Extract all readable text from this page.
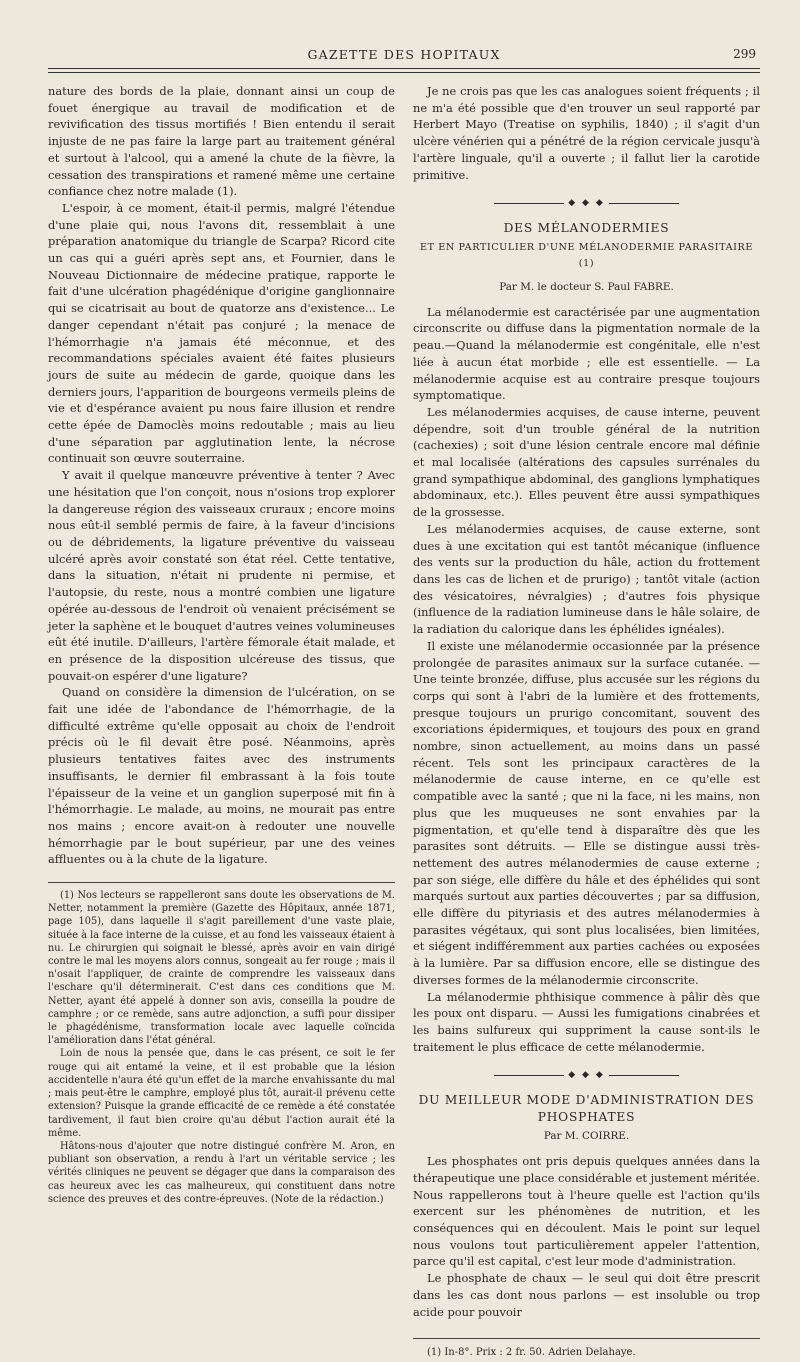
GAZETTE DES HOPITAUX	299

nature des bords de la plaie, donnant ainsi un coup de fouet énergique au travail de modification et de revivification des tissus mortifiés ! Bien entendu il serait injuste de ne pas faire la large part au traitement général et surtout à l'alcool, qui a amené la chute de la fièvre, la cessation des transpirations et ramené même une certaine confiance chez notre malade (1).

L'espoir, à ce moment, était-il permis, malgré l'étendue d'une plaie qui, nous l'avons dit, ressemblait à une préparation anatomique du triangle de Scarpa? Ricord cite un cas qui a guéri après sept ans, et Fournier, dans le Nouveau Dictionnaire de médecine pratique, rapporte le fait d'une ulcération phagédénique d'origine ganglionnaire qui se cicatrisait au bout de quatorze ans d'existence... Le danger cependant n'était pas conjuré ; la menace de l'hémorrhagie n'a jamais été méconnue, et des recommandations spéciales avaient été faites plusieurs jours de suite au médecin de garde, quoique dans les derniers jours, l'apparition de bourgeons vermeils pleins de vie et d'espérance avaient pu nous faire illusion et rendre cette épée de Damoclès moins redoutable ; mais au lieu d'une séparation par agglutination lente, la nécrose continuait son œuvre souterraine.

Y avait il quelque manœuvre préventive à tenter ? Avec une hésitation que l'on conçoit, nous n'osions trop explorer la dangereuse région des vaisseaux cruraux ; encore moins nous eût-il semblé permis de faire, à la faveur d'incisions ou de débridements, la ligature préventive du vaisseau ulcéré après avoir constaté son état réel. Cette tentative, dans la situation, n'était ni prudente ni permise, et l'autopsie, du reste, nous a montré combien une ligature opérée au-dessous de l'endroit où venaient précisément se jeter la saphène et le bouquet d'autres veines volumineuses eût été inutile. D'ailleurs, l'artère fémorale était malade, et en présence de la disposition ulcéreuse des tissus, que pouvait-on espérer d'une ligature?

Quand on considère la dimension de l'ulcération, on se fait une idée de l'abondance de l'hémorrhagie, de la difficulté extrême qu'elle opposait au choix de l'endroit précis où le fil devait être posé. Néanmoins, après plusieurs tentatives faites avec des instruments insuffisants, le dernier fil embrassant à la fois toute l'épaisseur de la veine et un ganglion superposé mit fin à l'hémorrhagie. Le malade, au moins, ne mourait pas entre nos mains ; encore avait-on à redouter une nouvelle hémorrhagie par le bout supérieur, par une des veines affluentes ou à la chute de la ligature.

(1) Nos lecteurs se rappelleront sans doute les observations de M. Netter, notamment la première (Gazette des Hôpitaux, année 1871, page 105), dans laquelle il s'agit pareillement d'une vaste plaie, située à la face interne de la cuisse, et au fond les vaisseaux étaient à nu. Le chirurgien qui soignait le blessé, après avoir en vain dirigé contre le mal les moyens alors connus, songeait au fer rouge ; mais il n'osait l'appliquer, de crainte de comprendre les vaisseaux dans l'eschare qu'il déterminerait. C'est dans ces conditions que M. Netter, ayant été appelé à donner son avis, conseilla la poudre de camphre ; or ce remède, sans autre adjonction, a suffi pour dissiper le phagédénisme, transformation locale avec laquelle coïncida l'amélioration dans l'état général.

Loin de nous la pensée que, dans le cas présent, ce soit le fer rouge qui ait entamé la veine, et il est probable que la lésion accidentelle n'aura été qu'un effet de la marche envahissante du mal ; mais peut-être le camphre, employé plus tôt, aurait-il prévenu cette extension? Puisque la grande efficacité de ce remède a été constatée tardivement, il faut bien croire qu'au début l'action aurait été la même.

Hâtons-nous d'ajouter que notre distingué confrère M. Aron, en publiant son observation, a rendu à l'art un véritable service ; les vérités cliniques ne peuvent se dégager que dans la comparaison des cas heureux avec les cas malheureux, qui constituent dans notre science des preuves et des contre-épreuves. (Note de la rédaction.)

Je ne crois pas que les cas analogues soient fréquents ; il ne m'a été possible que d'en trouver un seul rapporté par Herbert Mayo (Treatise on syphilis, 1840) ; il s'agit d'un ulcère vénérien qui a pénétré de la région cervicale jusqu'à l'artère linguale, qu'il a ouverte ; il fallut lier la carotide primitive.

◆ ◆ ◆
DES MÉLANODERMIES
ET EN PARTICULIER D'UNE MÉLANODERMIE PARASITAIRE (1)
Par M. le docteur S. Paul FABRE.

La mélanodermie est caractérisée par une augmentation circonscrite ou diffuse dans la pigmentation normale de la peau.—Quand la mélanodermie est congénitale, elle n'est liée à aucun état morbide ; elle est essentielle. — La mélanodermie acquise est au contraire presque toujours symptomatique.

Les mélanodermies acquises, de cause interne, peuvent dépendre, soit d'un trouble général de la nutrition (cachexies) ; soit d'une lésion centrale encore mal définie et mal localisée (altérations des capsules surrénales du grand sympathique abdominal, des ganglions lymphatiques abdominaux, etc.). Elles peuvent être aussi sympathiques de la grossesse.

Les mélanodermies acquises, de cause externe, sont dues à une excitation qui est tantôt mécanique (influence des vents sur la production du hâle, action du frottement dans les cas de lichen et de prurigo) ; tantôt vitale (action des vésicatoires, névralgies) ; d'autres fois physique (influence de la radiation lumineuse dans le hâle solaire, de la radiation du calorique dans les éphélides ignéales).

Il existe une mélanodermie occasionnée par la présence prolongée de parasites animaux sur la surface cutanée. — Une teinte bronzée, diffuse, plus accusée sur les régions du corps qui sont à l'abri de la lumière et des frottements, presque toujours un prurigo concomitant, souvent des excoriations épidermiques, et toujours des poux en grand nombre, sinon actuellement, au moins dans un passé récent. Tels sont les principaux caractères de la mélanodermie de cause interne, en ce qu'elle est compatible avec la santé ; que ni la face, ni les mains, non plus que les muqueuses ne sont envahies par la pigmentation, et qu'elle tend à disparaître dès que les parasites sont détruits. — Elle se distingue aussi très-nettement des autres mélanodermies de cause externe ; par son siége, elle diffère du hâle et des éphélides qui sont marqués surtout aux parties découvertes ; par sa diffusion, elle diffère du pityriasis et des autres mélanodermies à parasites végétaux, qui sont plus localisées, bien limitées, et siégent indifféremment aux parties cachées ou exposées à la lumière. Par sa diffusion encore, elle se distingue des diverses formes de la mélanodermie circonscrite.

La mélanodermie phthisique commence à pâlir dès que les poux ont disparu. — Aussi les fumigations cinabrées et les bains sulfureux qui suppriment la cause sont-ils le traitement le plus efficace de cette mélanodermie.

◆ ◆ ◆
DU MEILLEUR MODE D'ADMINISTRATION DES PHOSPHATES
Par M. COIRRE.

Les phosphates ont pris depuis quelques années dans la thérapeutique une place considérable et justement méritée. Nous rappellerons tout à l'heure quelle est l'action qu'ils exercent sur les phénomènes de nutrition, et les conséquences qui en découlent. Mais le point sur lequel nous voulons tout particulièrement appeler l'attention, parce qu'il est capital, c'est leur mode d'administration.

Le phosphate de chaux — le seul qui doit être prescrit dans les cas dont nous parlons — est insoluble ou trop acide pour pouvoir

(1) In-8°. Prix : 2 fr. 50. Adrien Delahaye.
